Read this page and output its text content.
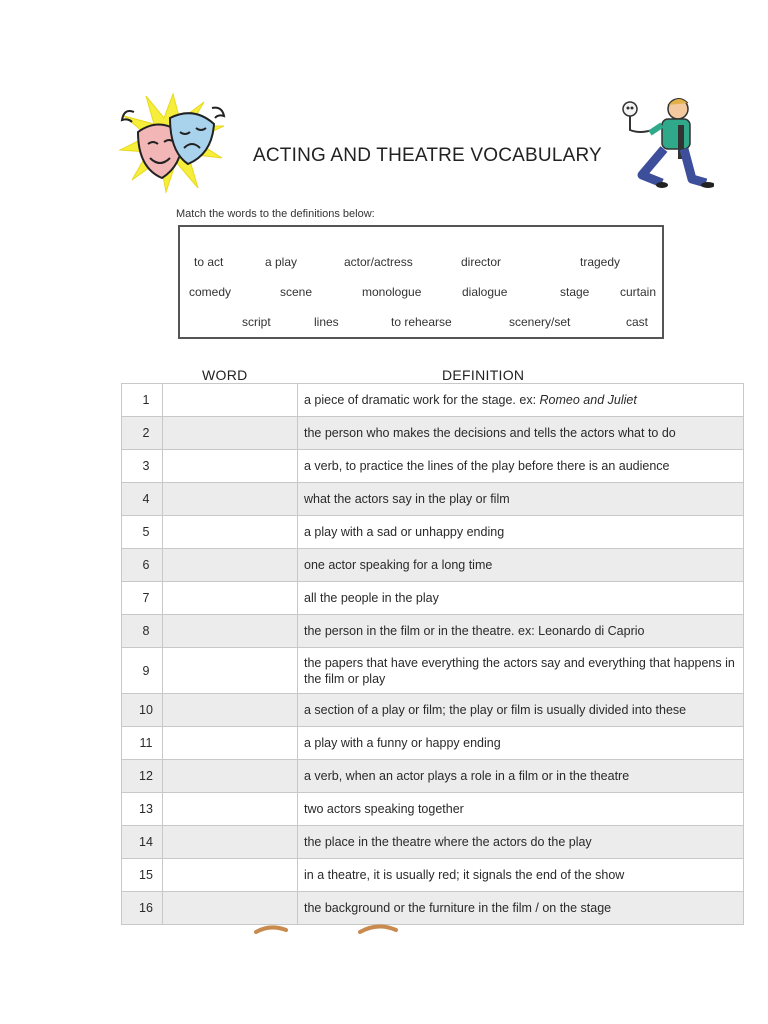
ACTING AND THEATRE VOCABULARY
Match the words to the definitions below:
to act	a play	actor/actress	director	tragedy
comedy	scene	monologue	dialogue	stage	curtain
script	lines	to rehearse	scenery/set	cast
WORD	DEFINITION
1		a piece of dramatic work for the stage. ex: Romeo and Juliet
2		the person who makes the decisions and tells the actors what to do
3		a verb, to practice the lines of the play before there is an audience
4		what the actors say in the play or film
5		a play with a sad or unhappy ending
6		one actor speaking for a long time
7		all the people in the play
8		the person in the film or in the theatre. ex: Leonardo di Caprio
9		the papers that have everything the actors say and everything that happens in the film or play
10		a section of a play or film; the play or film is usually divided into these
11		a play with a funny or happy ending
12		a verb, when an actor plays a role in a film or in the theatre
13		two actors speaking together
14		the place in the theatre where the actors do the play
15		in a theatre, it is usually red; it signals the end of the show
16		the background or the furniture in the film / on the stage
